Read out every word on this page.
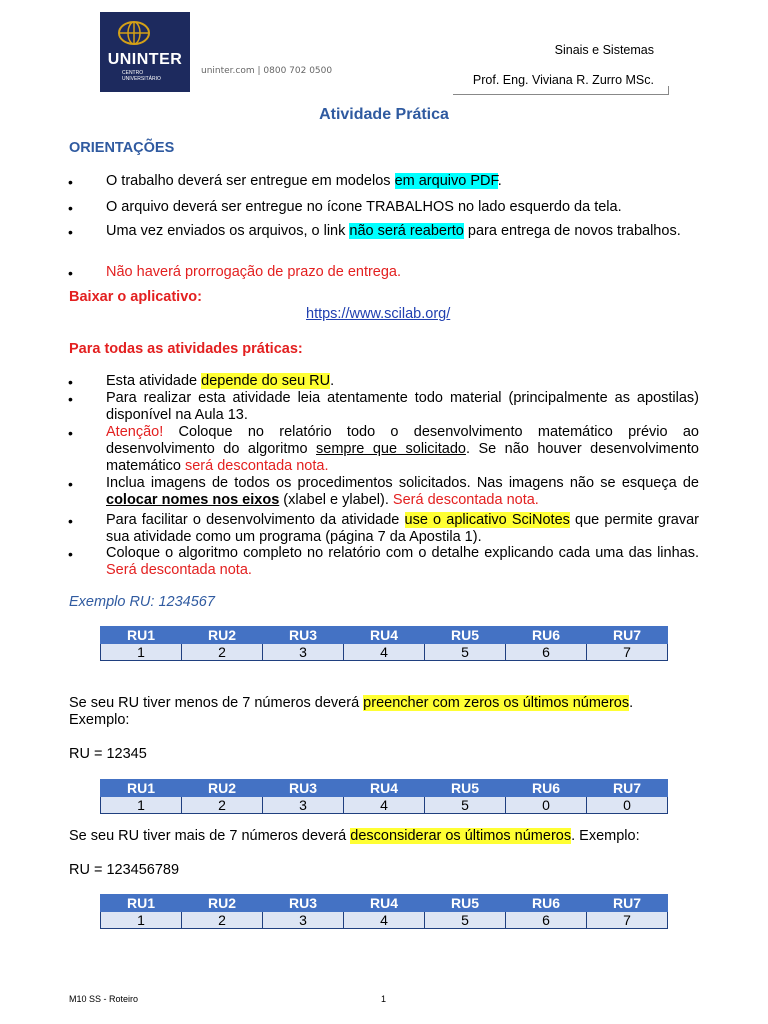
UNINTER
CENTRO
UNIVERSITÁRIO
uninter.com | 0800 702 0500
Sinais e Sistemas
Prof. Eng. Viviana R. Zurro MSc.
Atividade Prática
ORIENTAÇÕES
• O trabalho deverá ser entregue em modelos em arquivo PDF.
• O arquivo deverá ser entregue no ícone TRABALHOS no lado esquerdo da tela.
• Uma vez enviados os arquivos, o link não será reaberto para entrega de novos trabalhos.
• Não haverá prorrogação de prazo de entrega.
Baixar o aplicativo:
https://www.scilab.org/
Para todas as atividades práticas:
• Esta atividade depende do seu RU.
• Para realizar esta atividade leia atentamente todo material (principalmente as apostilas) disponível na Aula 13.
• Atenção! Coloque no relatório todo o desenvolvimento matemático prévio ao desenvolvimento do algoritmo sempre que solicitado. Se não houver desenvolvimento matemático será descontada nota.
• Inclua imagens de todos os procedimentos solicitados. Nas imagens não se esqueça de colocar nomes nos eixos (xlabel e ylabel). Será descontada nota.
• Para facilitar o desenvolvimento da atividade use o aplicativo SciNotes que permite gravar sua atividade como um programa (página 7 da Apostila 1).
• Coloque o algoritmo completo no relatório com o detalhe explicando cada uma das linhas. Será descontada nota.
Exemplo RU: 1234567
RU1	RU2	RU3	RU4	RU5	RU6	RU7
1	2	3	4	5	6	7
Se seu RU tiver menos de 7 números deverá preencher com zeros os últimos números.
Exemplo:
RU = 12345
RU1	RU2	RU3	RU4	RU5	RU6	RU7
1	2	3	4	5	0	0
Se seu RU tiver mais de 7 números deverá desconsiderar os últimos números. Exemplo:
RU = 123456789
RU1	RU2	RU3	RU4	RU5	RU6	RU7
1	2	3	4	5	6	7
M10 SS - Roteiro	1
